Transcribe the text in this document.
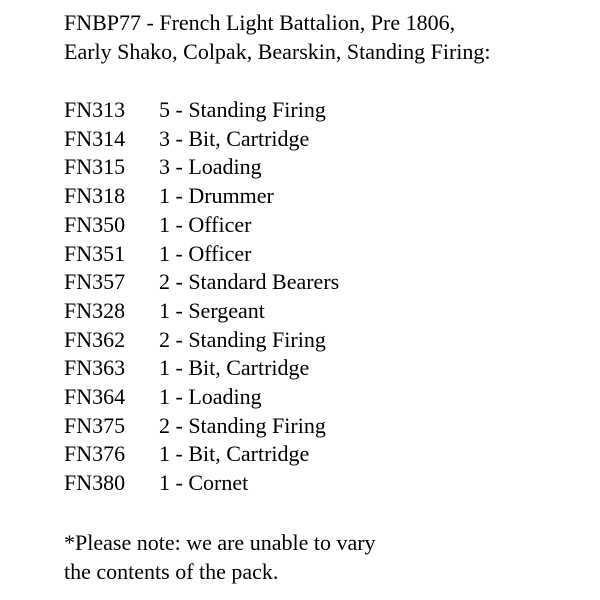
FNBP77 - French Light Battalion, Pre 1806,
Early Shako, Colpak, Bearskin, Standing Firing:
FN313	5 - Standing Firing
FN314	3 - Bit, Cartridge
FN315	3 - Loading
FN318	1 - Drummer
FN350	1 - Officer
FN351	1 - Officer
FN357	2 - Standard Bearers
FN328	1 - Sergeant
FN362	2 - Standing Firing
FN363	1 - Bit, Cartridge
FN364	1 - Loading
FN375	2 - Standing Firing
FN376	1 - Bit, Cartridge
FN380	1 - Cornet
*Please note: we are unable to vary
the contents of the pack.
